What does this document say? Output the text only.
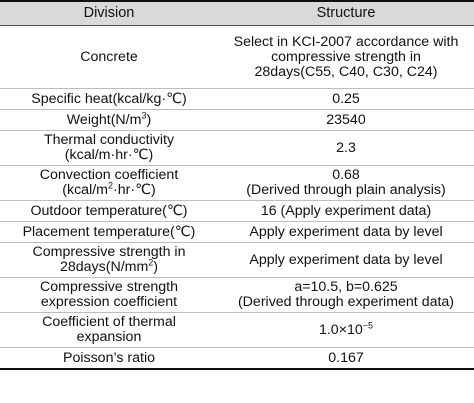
Division	Structure
Concrete	Select in KCI-2007 accordance with
compressive strength in
28days(C55, C40, C30, C24)

Specific heat(kcal/kg·℃)	0.25
$Weight(N/m^3)$	23540

Thermal conductivity
(kcal/m·hr·℃)	2.3

Convection coefficient
$(kcal/m^2\cdot hr\cdot℃)$	0.68
(Derived through plain analysis)

Outdoor temperature(℃)	16 (Apply experiment data)
Placement temperature(℃)	Apply experiment data by level

Compressive strength in
$28days(N/mm^2)$	Apply experiment data by level

Compressive strength
expression coefficient	a=10.5, b=0.625
(Derived through experiment data)

Coefficient of thermal
expansion	$1.0\times 10^{-5}$
Poisson’s ratio	0.167
